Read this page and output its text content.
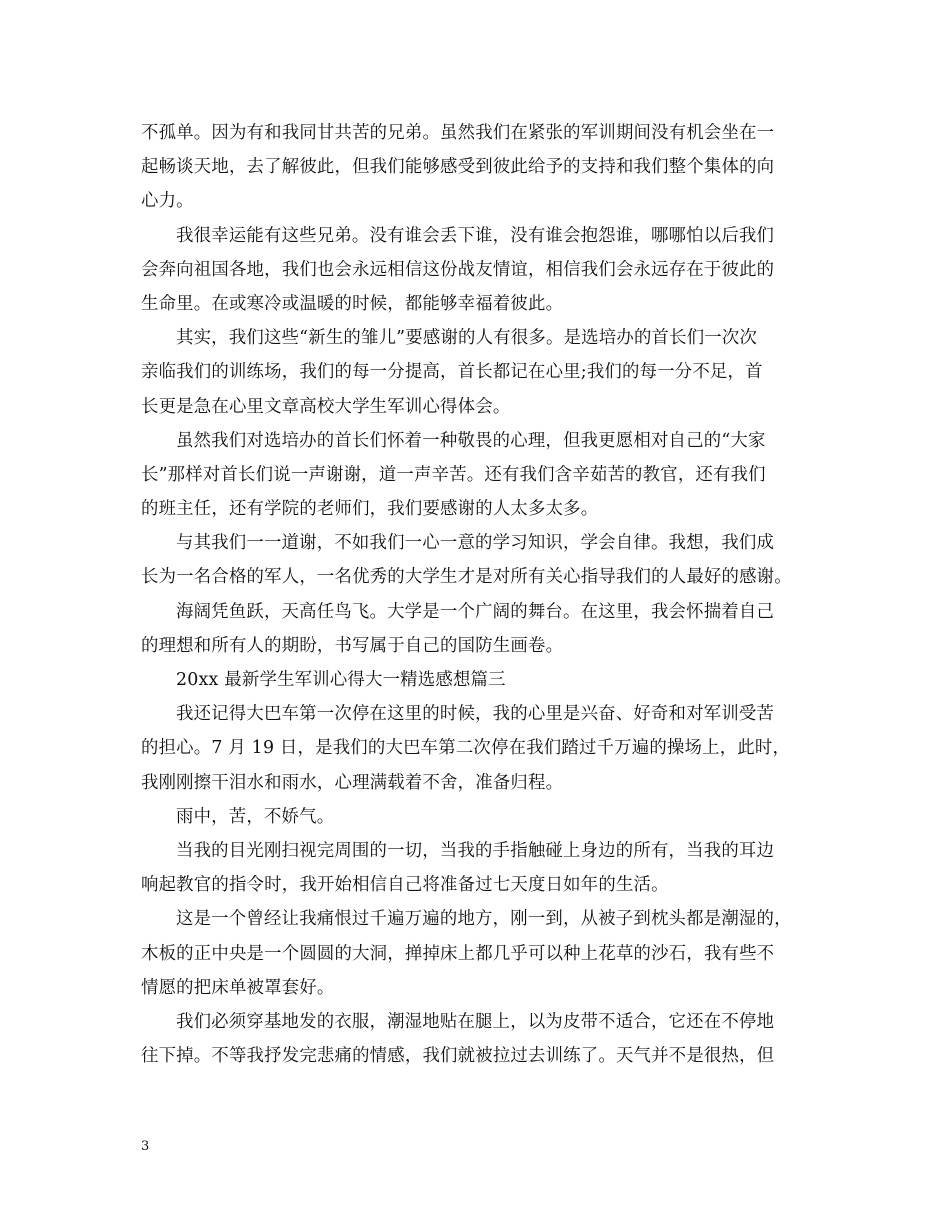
不孤单。因为有和我同甘共苦的兄弟。虽然我们在紧张的军训期间没有机会坐在一
起畅谈天地，去了解彼此，但我们能够感受到彼此给予的支持和我们整个集体的向
心力。
我很幸运能有这些兄弟。没有谁会丢下谁，没有谁会抱怨谁，哪哪怕以后我们
会奔向祖国各地，我们也会永远相信这份战友情谊，相信我们会永远存在于彼此的
生命里。在或寒冷或温暖的时候，都能够幸福着彼此。
其实，我们这些“新生的雏儿”要感谢的人有很多。是选培办的首长们一次次
亲临我们的训练场，我们的每一分提高，首长都记在心里;我们的每一分不足，首
长更是急在心里文章高校大学生军训心得体会。
虽然我们对选培办的首长们怀着一种敬畏的心理，但我更愿相对自己的“大家
长”那样对首长们说一声谢谢，道一声辛苦。还有我们含辛茹苦的教官，还有我们
的班主任，还有学院的老师们，我们要感谢的人太多太多。
与其我们一一道谢，不如我们一心一意的学习知识，学会自律。我想，我们成
长为一名合格的军人，一名优秀的大学生才是对所有关心指导我们的人最好的感谢。
海阔凭鱼跃，天高任鸟飞。大学是一个广阔的舞台。在这里，我会怀揣着自己
的理想和所有人的期盼，书写属于自己的国防生画卷。
20xx 最新学生军训心得大一精选感想篇三
我还记得大巴车第一次停在这里的时候，我的心里是兴奋、好奇和对军训受苦
的担心。7 月 19 日，是我们的大巴车第二次停在我们踏过千万遍的操场上，此时，
我刚刚擦干泪水和雨水，心理满载着不舍，准备归程。
雨中，苦，不娇气。
当我的目光刚扫视完周围的一切，当我的手指触碰上身边的所有，当我的耳边
响起教官的指令时，我开始相信自己将准备过七天度日如年的生活。
这是一个曾经让我痛恨过千遍万遍的地方，刚一到，从被子到枕头都是潮湿的，
木板的正中央是一个圆圆的大洞，掸掉床上都几乎可以种上花草的沙石，我有些不
情愿的把床单被罩套好。
我们必须穿基地发的衣服，潮湿地贴在腿上，以为皮带不适合，它还在不停地
往下掉。不等我抒发完悲痛的情感，我们就被拉过去训练了。天气并不是很热，但
3
